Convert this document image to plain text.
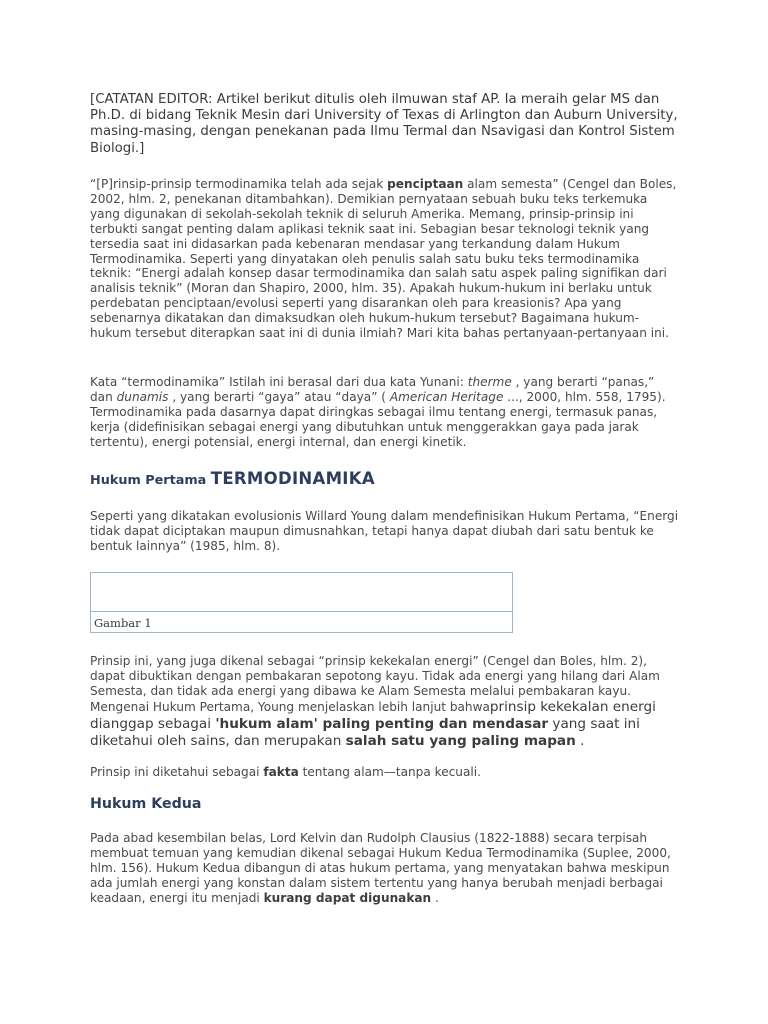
[CATATAN EDITOR: Artikel berikut ditulis oleh ilmuwan staf AP. Ia meraih gelar MS dan Ph.D. di bidang Teknik Mesin dari University of Texas di Arlington dan Auburn University, masing-masing, dengan penekanan pada Ilmu Termal dan Nsavigasi dan Kontrol Sistem Biologi.]
“[P]rinsip-prinsip termodinamika telah ada sejak penciptaan alam semesta” (Cengel dan Boles, 2002, hlm. 2, penekanan ditambahkan). Demikian pernyataan sebuah buku teks terkemuka yang digunakan di sekolah-sekolah teknik di seluruh Amerika. Memang, prinsip-prinsip ini terbukti sangat penting dalam aplikasi teknik saat ini. Sebagian besar teknologi teknik yang tersedia saat ini didasarkan pada kebenaran mendasar yang terkandung dalam Hukum Termodinamika. Seperti yang dinyatakan oleh penulis salah satu buku teks termodinamika teknik: “Energi adalah konsep dasar termodinamika dan salah satu aspek paling signifikan dari analisis teknik” (Moran dan Shapiro, 2000, hlm. 35). Apakah hukum-hukum ini berlaku untuk perdebatan penciptaan/evolusi seperti yang disarankan oleh para kreasionis? Apa yang sebenarnya dikatakan dan dimaksudkan oleh hukum-hukum tersebut? Bagaimana hukum-hukum tersebut diterapkan saat ini di dunia ilmiah? Mari kita bahas pertanyaan-pertanyaan ini.
Kata “termodinamika” Istilah ini berasal dari dua kata Yunani: therme , yang berarti “panas,” dan dunamis , yang berarti “gaya” atau “daya” ( American Heritage ..., 2000, hlm. 558, 1795). Termodinamika pada dasarnya dapat diringkas sebagai ilmu tentang energi, termasuk panas, kerja (didefinisikan sebagai energi yang dibutuhkan untuk menggerakkan gaya pada jarak tertentu), energi potensial, energi internal, dan energi kinetik.
Hukum Pertama TERMODINAMIKA
Seperti yang dikatakan evolusionis Willard Young dalam mendefinisikan Hukum Pertama, “Energi tidak dapat diciptakan maupun dimusnahkan, tetapi hanya dapat diubah dari satu bentuk ke bentuk lainnya” (1985, hlm. 8).
Gambar 1
Prinsip ini, yang juga dikenal sebagai “prinsip kekekalan energi” (Cengel dan Boles, hlm. 2), dapat dibuktikan dengan pembakaran sepotong kayu. Tidak ada energi yang hilang dari Alam Semesta, dan tidak ada energi yang dibawa ke Alam Semesta melalui pembakaran kayu. Mengenai Hukum Pertama, Young menjelaskan lebih lanjut bahwaprinsip kekekalan energi dianggap sebagai 'hukum alam' paling penting dan mendasar yang saat ini diketahui oleh sains, dan merupakan salah satu yang paling mapan .
Prinsip ini diketahui sebagai fakta tentang alam—tanpa kecuali.
Hukum Kedua
Pada abad kesembilan belas, Lord Kelvin dan Rudolph Clausius (1822-1888) secara terpisah membuat temuan yang kemudian dikenal sebagai Hukum Kedua Termodinamika (Suplee, 2000, hlm. 156). Hukum Kedua dibangun di atas hukum pertama, yang menyatakan bahwa meskipun ada jumlah energi yang konstan dalam sistem tertentu yang hanya berubah menjadi berbagai keadaan, energi itu menjadi kurang dapat digunakan .
